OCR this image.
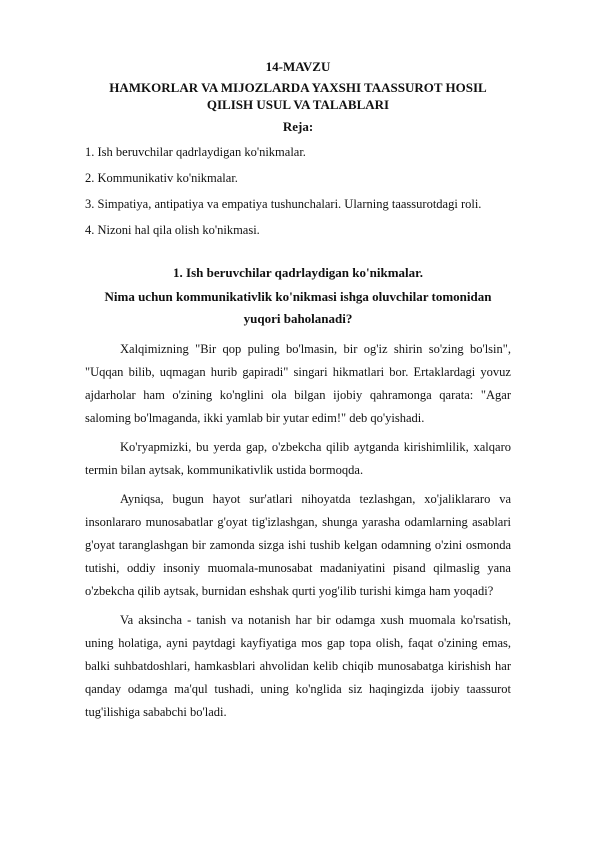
14-MAVZU
HAMKORLAR VA MIJOZLARDA YAXSHI TAASSUROT HOSIL QILISH USUL VA TALABLARI
Reja:
1. Ish beruvchilar qadrlaydigan ko'nikmalar.
2. Kommunikativ ko'nikmalar.
3. Simpatiya, antipatiya va empatiya tushunchalari. Ularning taassurotdagi roli.
4. Nizoni hal qila olish ko'nikmasi.
1. Ish beruvchilar qadrlaydigan ko'nikmalar.
Nima uchun kommunikativlik ko'nikmasi ishga oluvchilar tomonidan yuqori baholanadi?

Xalqimizning "Bir qop puling bo'lmasin, bir og'iz shirin so'zing bo'lsin", "Uqqan bilib, uqmagan hurib gapiradi" singari hikmatlari bor. Ertaklardagi yovuz ajdarholar ham o'zining ko'nglini ola bilgan ijobiy qahramonga qarata: "Agar saloming bo'lmaganda, ikki yamlab bir yutar edim!" deb qo'yishadi.

Ko'ryapmizki, bu yerda gap, o'zbekcha qilib aytganda kirishimlilik, xalqaro termin bilan aytsak, kommunikativlik ustida bormoqda.

Ayniqsa, bugun hayot sur'atlari nihoyatda tezlashgan, xo'jaliklararo va insonlararo munosabatlar g'oyat tig'izlashgan, shunga yarasha odamlarning asablari g'oyat taranglashgan bir zamonda sizga ishi tushib kelgan odamning o'zini osmonda tutishi, oddiy insoniy muomala-munosabat madaniyatini pisand qilmaslig yana o'zbekcha qilib aytsak, burnidan eshshak qurti yog'ilib turishi kimga ham yoqadi?

Va aksincha - tanish va notanish har bir odamga xush muomala ko'rsatish, uning holatiga, ayni paytdagi kayfiyatiga mos gap topa olish, faqat o'zining emas, balki suhbatdoshlari, hamkasblari ahvolidan kelib chiqib munosabatga kirishish har qanday odamga ma'qul tushadi, uning ko'nglida siz haqingizda ijobiy taassurot tug'ilishiga sababchi bo'ladi.
